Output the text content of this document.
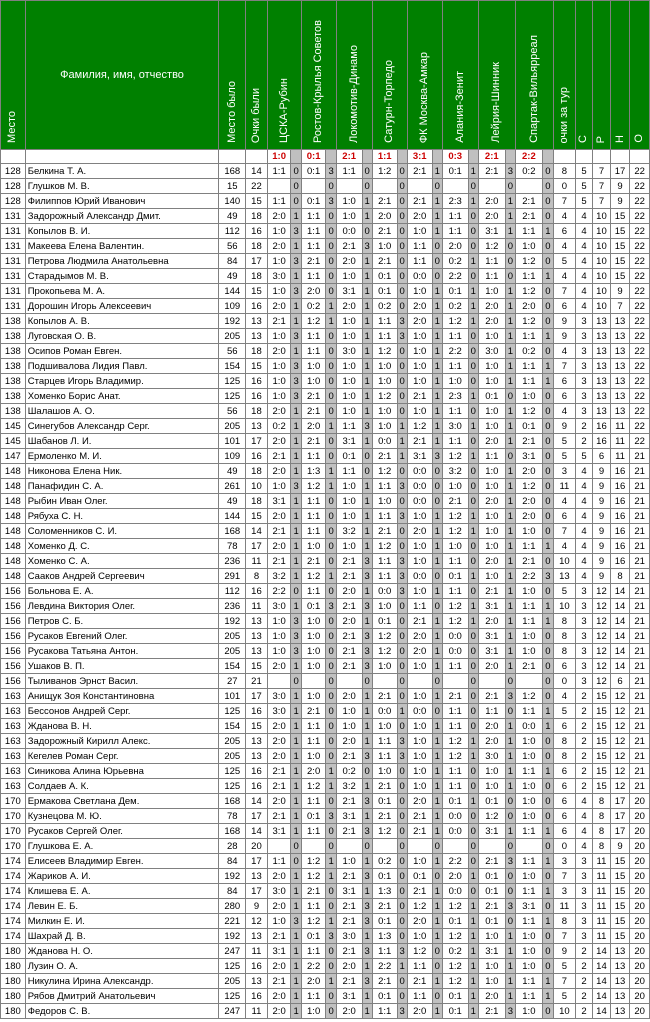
Место	Фамилия, имя, отчество	Место было	Очки были	ЦСКА-Рубин		Ростов-Крылья Советов		Локомотив-Динамо		Сатурн-Торпедо		ФК Москва-Амкар		Алания-Зенит		Лейрия-Шинник		Спартак-Вильярреал		очки за тур	С	Р	Н	О
				1:0		0:1		2:1		1:1		3:1		0:3		2:1		2:2						
128	Белкина Т. А.	168	14	1:1	0	0:1	3	1:1	0	1:2	0	2:1	1	0:1	1	2:1	3	0:2	0	8	5	7	17	22
128	Глушков М. В.	15	22		0		0		0		0		0		0		0		0	0	5	7	9	22
128	Филиппов Юрий Иванович	140	15	1:1	0	0:1	3	1:0	1	2:1	0	2:1	1	2:3	1	2:0	1	2:1	0	7	5	7	9	22
131	Задорожный Александр Дмит.	49	18	2:0	1	1:1	0	1:0	1	2:0	0	2:0	1	1:1	0	2:0	1	2:1	0	4	4	10	15	22
131	Копылов В. И.	112	16	1:0	3	1:1	0	0:0	0	2:1	0	1:0	1	1:1	0	3:1	1	1:1	1	6	4	10	15	22
131	Макеева Елена Валентин.	56	18	2:0	1	1:1	0	2:1	3	1:0	0	1:1	0	2:0	0	1:2	0	1:0	0	4	4	10	15	22
131	Петрова Людмила Анатольевна	84	17	1:0	3	2:1	0	2:0	1	2:1	0	1:1	0	0:2	1	1:1	0	1:2	0	5	4	10	15	22
131	Старадымов М. В.	49	18	3:0	1	1:1	0	1:0	1	0:1	0	0:0	0	2:2	0	1:1	0	1:1	1	4	4	10	15	22
131	Прокопьева М. А.	144	15	1:0	3	2:0	0	3:1	1	0:1	0	1:0	1	0:1	1	1:0	1	1:2	0	7	4	10	9	22
131	Дорошин Игорь Алексеевич	109	16	2:0	1	0:2	1	2:0	1	0:2	0	2:0	1	0:2	1	2:0	1	2:0	0	6	4	10	7	22
138	Копылов А. В.	192	13	2:1	1	1:2	1	1:0	1	1:1	3	2:0	1	1:2	1	2:0	1	1:2	0	9	3	13	13	22
138	Луговская О. В.	205	13	1:0	3	1:1	0	1:0	1	1:1	3	1:0	1	1:1	0	1:0	1	1:1	1	9	3	13	13	22
138	Осипов Роман Евген.	56	18	2:0	1	1:1	0	3:0	1	1:2	0	1:0	1	2:2	0	3:0	1	0:2	0	4	3	13	13	22
138	Подшивалова Лидия Павл.	154	15	1:0	3	1:0	0	1:0	1	1:0	0	1:0	1	1:1	0	1:0	1	1:1	1	7	3	13	13	22
138	Старцев Игорь Владимир.	125	16	1:0	3	1:0	0	1:0	1	1:0	0	1:0	1	1:0	0	1:0	1	1:1	1	6	3	13	13	22
138	Хоменко Борис Анат.	125	16	1:0	3	2:1	0	1:0	1	1:2	0	2:1	1	2:3	1	0:1	0	1:0	0	6	3	13	13	22
138	Шалашов А. О.	56	18	2:0	1	2:1	0	1:0	1	1:0	0	1:0	1	1:1	0	1:0	1	1:2	0	4	3	13	13	22
145	Синегубов Александр Серг.	205	13	0:2	1	2:0	1	1:1	3	1:0	1	1:2	1	3:0	1	1:0	1	0:1	0	9	2	16	11	22
145	Шабанов Л. И.	101	17	2:0	1	2:1	0	3:1	1	0:0	1	2:1	1	1:1	0	2:0	1	2:1	0	5	2	16	11	22
147	Ермоленко М. И.	109	16	2:1	1	1:1	0	0:1	0	2:1	1	3:1	3	1:2	1	1:1	0	3:1	0	5	5	6	11	21
148	Никонова Елена Ник.	49	18	2:0	1	1:3	1	1:1	0	1:2	0	0:0	0	3:2	0	1:0	1	2:0	0	3	4	9	16	21
148	Панафидин С. А.	261	10	1:0	3	1:2	1	1:0	1	1:1	3	0:0	0	1:0	0	1:0	1	1:2	0	11	4	9	16	21
148	Рыбин Иван Олег.	49	18	3:1	1	1:1	0	1:0	1	1:0	0	0:0	0	2:1	0	2:0	1	2:0	0	4	4	9	16	21
148	Рябуха С. Н.	144	15	2:0	1	1:1	0	1:0	1	1:1	3	1:0	1	1:2	1	1:0	1	2:0	0	6	4	9	16	21
148	Соломенников С. И.	168	14	2:1	1	1:1	0	3:2	1	2:1	0	2:0	1	1:2	1	1:0	1	1:0	0	7	4	9	16	21
148	Хоменко Д. С.	78	17	2:0	1	1:0	0	1:0	1	1:2	0	1:0	1	1:0	0	1:0	1	1:1	1	4	4	9	16	21
148	Хоменко С. А.	236	11	2:1	1	2:1	0	2:1	3	1:1	3	1:0	1	1:1	0	2:0	1	2:1	0	10	4	9	16	21
148	Сааков Андрей Сергеевич	291	8	3:2	1	1:2	1	2:1	3	1:1	3	0:0	0	0:1	1	1:0	1	2:2	3	13	4	9	8	21
156	Больнова Е. А.	112	16	2:2	0	1:1	0	2:0	1	0:0	3	1:0	1	1:1	0	2:1	1	1:0	0	5	3	12	14	21
156	Левдина Виктория Олег.	236	11	3:0	1	0:1	3	2:1	3	1:0	0	1:1	0	1:2	1	3:1	1	1:1	1	10	3	12	14	21
156	Петров С. Б.	192	13	1:0	3	1:0	0	2:0	1	0:1	0	2:1	1	1:2	1	2:0	1	1:1	1	8	3	12	14	21
156	Русаков Евгений Олег.	205	13	1:0	3	1:0	0	2:1	3	1:2	0	2:0	1	0:0	0	3:1	1	1:0	0	8	3	12	14	21
156	Русакова Татьяна Антон.	205	13	1:0	3	1:0	0	2:1	3	1:2	0	2:0	1	0:0	0	3:1	1	1:0	0	8	3	12	14	21
156	Ушаков В. П.	154	15	2:0	1	1:0	0	2:1	3	1:0	0	1:0	1	1:1	0	2:0	1	2:1	0	6	3	12	14	21
156	Тыливанов Эрнст Васил.	27	21		0		0		0		0		0		0		0		0	0	3	12	6	21
163	Анищук Зоя Константиновна	101	17	3:0	1	1:0	0	2:0	1	2:1	0	1:0	1	2:1	0	2:1	3	1:2	0	4	2	15	12	21
163	Бессонов Андрей Серг.	125	16	3:0	1	2:1	0	1:0	1	0:0	1	0:0	0	1:1	0	1:1	0	1:1	1	5	2	15	12	21
163	Жданова В. Н.	154	15	2:0	1	1:1	0	1:0	1	1:0	0	1:0	1	1:1	0	2:0	1	0:0	1	6	2	15	12	21
163	Задорожный Кирилл Алекс.	205	13	2:0	1	1:1	0	2:0	1	1:1	3	1:0	1	1:2	1	2:0	1	1:0	0	8	2	15	12	21
163	Кегелев Роман Серг.	205	13	2:0	1	1:0	0	2:1	3	1:1	3	1:0	1	1:2	1	3:0	1	1:0	0	8	2	15	12	21
163	Синикова Алина Юрьевна	125	16	2:1	1	2:0	1	0:2	0	1:0	0	1:0	1	1:1	0	1:0	1	1:1	1	6	2	15	12	21
163	Солдаев А. К.	125	16	2:1	1	1:2	1	3:2	1	2:1	0	1:0	1	1:1	0	1:0	1	1:0	0	6	2	15	12	21
170	Ермакова Светлана Дем.	168	14	2:0	1	1:1	0	2:1	3	0:1	0	2:0	1	0:1	1	0:1	0	1:0	0	6	4	8	17	20
170	Кузнецова М. Ю.	78	17	2:1	1	0:1	3	3:1	1	2:1	0	2:1	1	0:0	0	1:2	0	1:0	0	6	4	8	17	20
170	Русаков Сергей Олег.	168	14	3:1	1	1:1	0	2:1	3	1:2	0	2:1	1	0:0	0	3:1	1	1:1	1	6	4	8	17	20
170	Глушкова Е. А.	28	20		0		0		0		0		0		0		0		0	0	4	8	9	20
174	Елисеев Владимир Евген.	84	17	1:1	0	1:2	1	1:0	1	0:2	0	1:0	1	2:2	0	2:1	3	1:1	1	3	3	11	15	20
174	Жариков А. И.	192	13	2:0	1	1:2	1	2:1	3	0:1	0	0:1	0	2:0	1	0:1	0	1:0	0	7	3	11	15	20
174	Клишева Е. А.	84	17	3:0	1	2:1	0	3:1	1	1:3	0	2:1	1	0:0	0	0:1	0	1:1	1	3	3	11	15	20
174	Левин Е. Б.	280	9	2:0	1	1:1	0	2:1	3	2:1	0	1:2	1	1:2	1	2:1	3	3:1	0	11	3	11	15	20
174	Милкин Е. И.	221	12	1:0	3	1:2	1	2:1	3	0:1	0	2:0	1	0:1	1	0:1	0	1:1	1	8	3	11	15	20
174	Шахрай Д. В.	192	13	2:1	1	0:1	3	3:0	1	1:3	0	1:0	1	1:2	1	1:0	1	1:0	0	7	3	11	15	20
180	Жданова Н. О.	247	11	3:1	1	1:1	0	2:1	3	1:1	3	1:2	0	0:2	1	3:1	1	1:0	0	9	2	14	13	20
180	Лузин О. А.	125	16	2:0	1	2:2	0	2:0	1	2:2	1	1:1	0	1:2	1	1:0	1	1:0	0	5	2	14	13	20
180	Никулина Ирина Александр.	205	13	2:1	1	2:0	1	2:1	3	2:1	0	2:1	1	1:2	1	1:0	1	1:1	1	7	2	14	13	20
180	Рябов Дмитрий Анатольевич	125	16	2:0	1	1:1	0	3:1	1	0:1	0	1:1	0	0:1	1	2:0	1	1:1	1	5	2	14	13	20
180	Федоров С. В.	247	11	2:0	1	1:0	0	2:0	1	1:1	3	2:0	1	0:1	1	2:1	3	1:0	0	10	2	14	13	20
